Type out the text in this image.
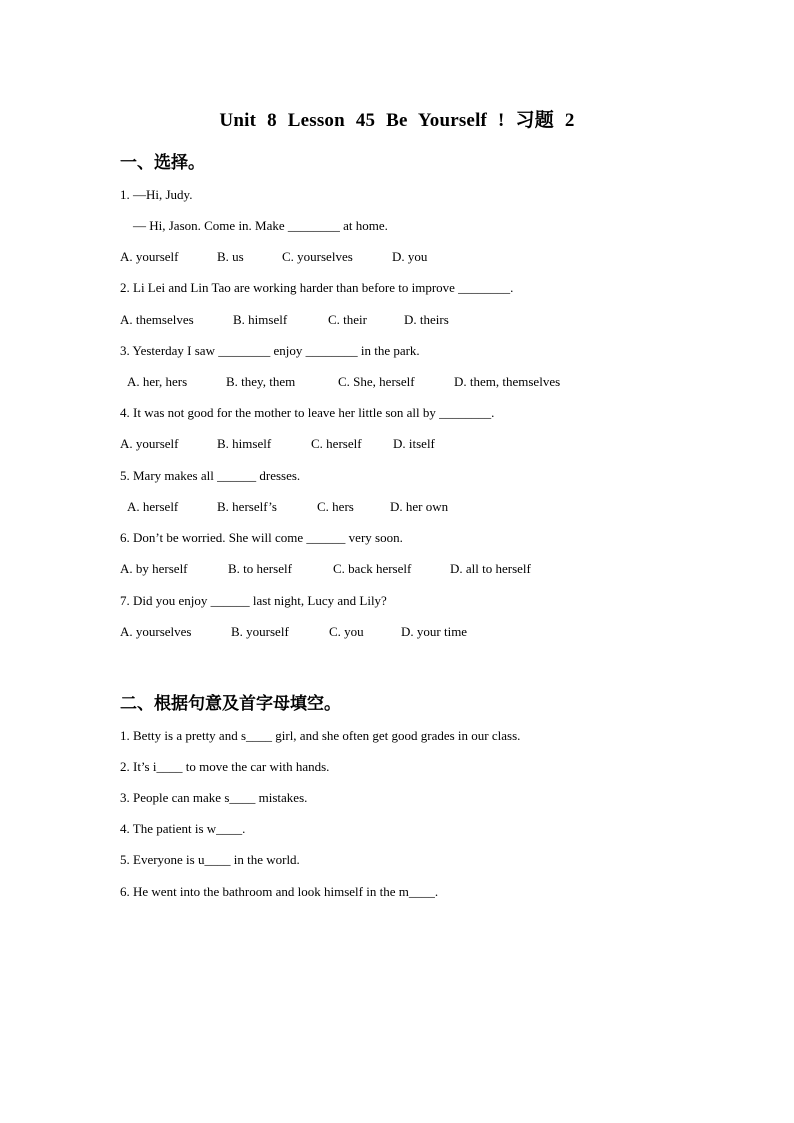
Unit 8 Lesson 45 Be Yourself ! 习题 2
一、选择。
1. —Hi, Judy.
— Hi, Jason. Come in. Make ________ at home.
A. yourself	B. us	C. yourselves	D. you
2. Li Lei and Lin Tao are working harder than before to improve ________.
A. themselves	B. himself	C. their	D. theirs
3. Yesterday I saw ________ enjoy ________ in the park.
A. her, hers	B. they, them	C. She, herself	D. them, themselves
4. It was not good for the mother to leave her little son all by ________.
A. yourself	B. himself	C. herself D. itself
5. Mary makes all ______ dresses.
A. herself	B. herself’s	C. hers	D. her own
6. Don’t be worried. She will come ______ very soon.
A. by herself	B. to herself	C. back herself	D. all to herself
7. Did you enjoy ______ last night, Lucy and Lily?
A. yourselves	B. yourself	C. you	D. your time
二、根据句意及首字母填空。
1. Betty is a pretty and s____ girl, and she often get good grades in our class.
2. It’s i____ to move the car with hands.
3. People can make s____ mistakes.
4. The patient is w____.
5. Everyone is u____ in the world.
6. He went into the bathroom and look himself in the m____.
